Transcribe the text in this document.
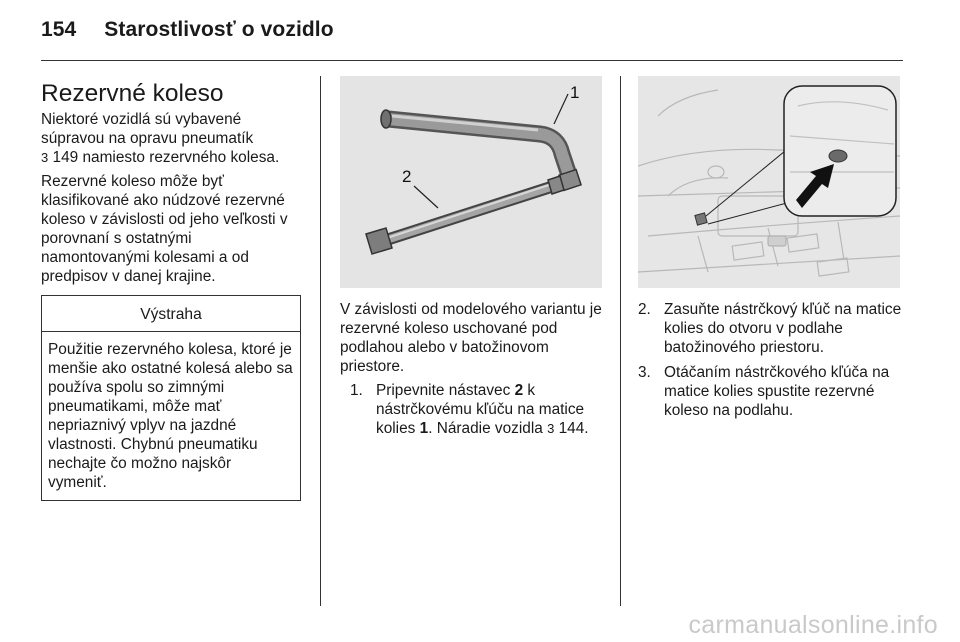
154 Starostlivosť o vozidlo
Rezervné koleso

Niektoré vozidlá sú vybavené súpravou na opravu pneumatík
3 149 namiesto rezervného kolesa.

Rezervné koleso môže byť klasifikované ako núdzové rezervné koleso v závislosti od jeho veľkosti v porovnaní s ostatnými namontovanými kolesami a od predpisov v danej krajine.

Výstraha
Použitie rezervného kolesa, ktoré je menšie ako ostatné kolesá alebo sa používa spolu so zimnými pneumatikami, môže mať nepriaznivý vplyv na jazdné vlastnosti. Chybnú pneumatiku nechajte čo možno najskôr vymeniť.
1
2

V závislosti od modelového variantu je rezervné koleso uschované pod podlahou alebo v batožinovom priestore.

1. Pripevnite nástavec 2 k nástrčkovému kľúču na matice kolies 1. Náradie vozidla 3 144.
2. Zasuňte nástrčkový kľúč na matice kolies do otvoru v podlahe batožinového priestoru.
3. Otáčaním nástrčkového kľúča na matice kolies spustite rezervné koleso na podlahu.
carmanualsonline.info
